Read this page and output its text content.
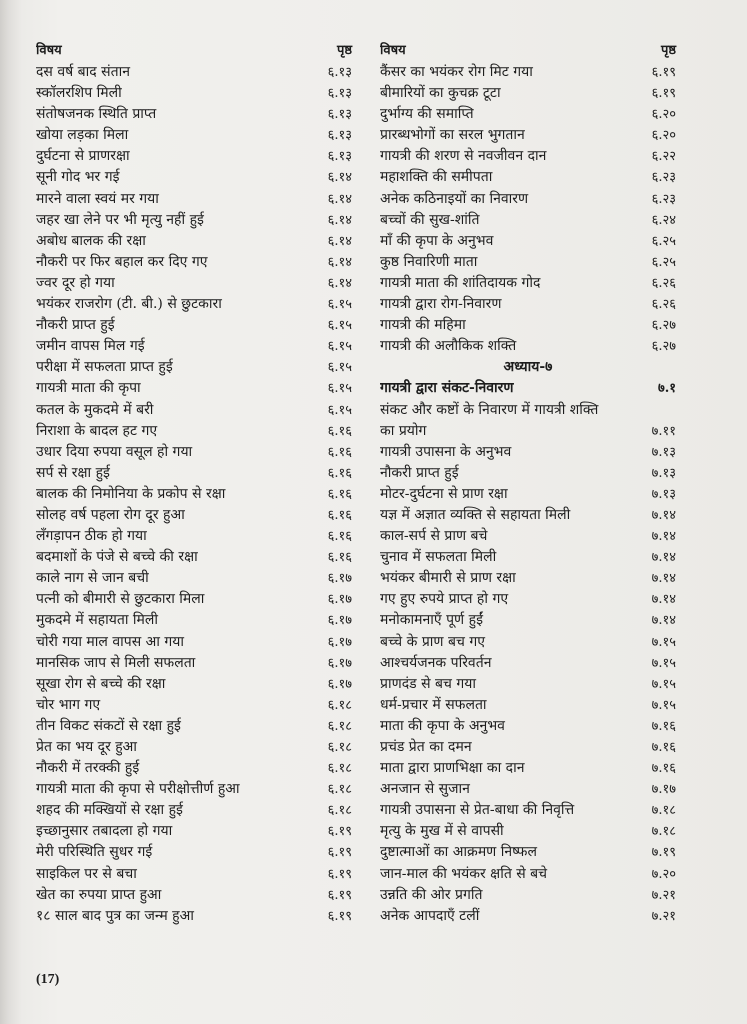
विषय	पृष्ठ
दस वर्ष बाद संतान	६.१३
स्कॉलरशिप मिली	६.१३
संतोषजनक स्थिति प्राप्त	६.१३
खोया लड़का मिला	६.१३
दुर्घटना से प्राणरक्षा	६.१३
सूनी गोद भर गई	६.१४
मारने वाला स्वयं मर गया	६.१४
जहर खा लेने पर भी मृत्यु नहीं हुई	६.१४
अबोध बालक की रक्षा	६.१४
नौकरी पर फिर बहाल कर दिए गए	६.१४
ज्वर दूर हो गया	६.१४
भयंकर राजरोग (टी. बी.) से छुटकारा	६.१५
नौकरी प्राप्त हुई	६.१५
जमीन वापस मिल गई	६.१५
परीक्षा में सफलता प्राप्त हुई	६.१५
गायत्री माता की कृपा	६.१५
कतल के मुकदमे में बरी	६.१५
निराशा के बादल हट गए	६.१६
उधार दिया रुपया वसूल हो गया	६.१६
सर्प से रक्षा हुई	६.१६
बालक की निमोनिया के प्रकोप से रक्षा	६.१६
सोलह वर्ष पहला रोग दूर हुआ	६.१६
लँगड़ापन ठीक हो गया	६.१६
बदमाशों के पंजे से बच्चे की रक्षा	६.१६
काले नाग से जान बची	६.१७
पत्नी को बीमारी से छुटकारा मिला	६.१७
मुकदमे में सहायता मिली	६.१७
चोरी गया माल वापस आ गया	६.१७
मानसिक जाप से मिली सफलता	६.१७
सूखा रोग से बच्चे की रक्षा	६.१७
चोर भाग गए	६.१८
तीन विकट संकटों से रक्षा हुई	६.१८
प्रेत का भय दूर हुआ	६.१८
नौकरी में तरक्की हुई	६.१८
गायत्री माता की कृपा से परीक्षोत्तीर्ण हुआ	६.१८
शहद की मक्खियों से रक्षा हुई	६.१८
इच्छानुसार तबादला हो गया	६.१९
मेरी परिस्थिति सुधर गई	६.१९
साइकिल पर से बचा	६.१९
खेत का रुपया प्राप्त हुआ	६.१९
१८ साल बाद पुत्र का जन्म हुआ	६.१९
विषय	पृष्ठ
कैंसर का भयंकर रोग मिट गया	६.१९
बीमारियों का कुचक्र टूटा	६.१९
दुर्भाग्य की समाप्ति	६.२०
प्रारब्धभोगों का सरल भुगतान	६.२०
गायत्री की शरण से नवजीवन दान	६.२२
महाशक्ति की समीपता	६.२३
अनेक कठिनाइयों का निवारण	६.२३
बच्चों की सुख-शांति	६.२४
माँ की कृपा के अनुभव	६.२५
कुष्ठ निवारिणी माता	६.२५
गायत्री माता की शांतिदायक गोद	६.२६
गायत्री द्वारा रोग-निवारण	६.२६
गायत्री की महिमा	६.२७
गायत्री की अलौकिक शक्ति	६.२७
अध्याय-७
गायत्री द्वारा संकट-निवारण	७.१
संकट और कष्टों के निवारण में गायत्री शक्ति
का प्रयोग	७.११
गायत्री उपासना के अनुभव	७.१३
नौकरी प्राप्त हुई	७.१३
मोटर-दुर्घटना से प्राण रक्षा	७.१३
यज्ञ में अज्ञात व्यक्ति से सहायता मिली	७.१४
काल-सर्प से प्राण बचे	७.१४
चुनाव में सफलता मिली	७.१४
भयंकर बीमारी से प्राण रक्षा	७.१४
गए हुए रुपये प्राप्त हो गए	७.१४
मनोकामनाएँ पूर्ण हुईं	७.१४
बच्चे के प्राण बच गए	७.१५
आश्चर्यजनक परिवर्तन	७.१५
प्राणदंड से बच गया	७.१५
धर्म-प्रचार में सफलता	७.१५
माता की कृपा के अनुभव	७.१६
प्रचंड प्रेत का दमन	७.१६
माता द्वारा प्राणभिक्षा का दान	७.१६
अनजान से सुजान	७.१७
गायत्री उपासना से प्रेत-बाधा की निवृत्ति	७.१८
मृत्यु के मुख में से वापसी	७.१८
दुष्टात्माओं का आक्रमण निष्फल	७.१९
जान-माल की भयंकर क्षति से बचे	७.२०
उन्नति की ओर प्रगति	७.२१
अनेक आपदाएँ टलीं	७.२१
(17)
